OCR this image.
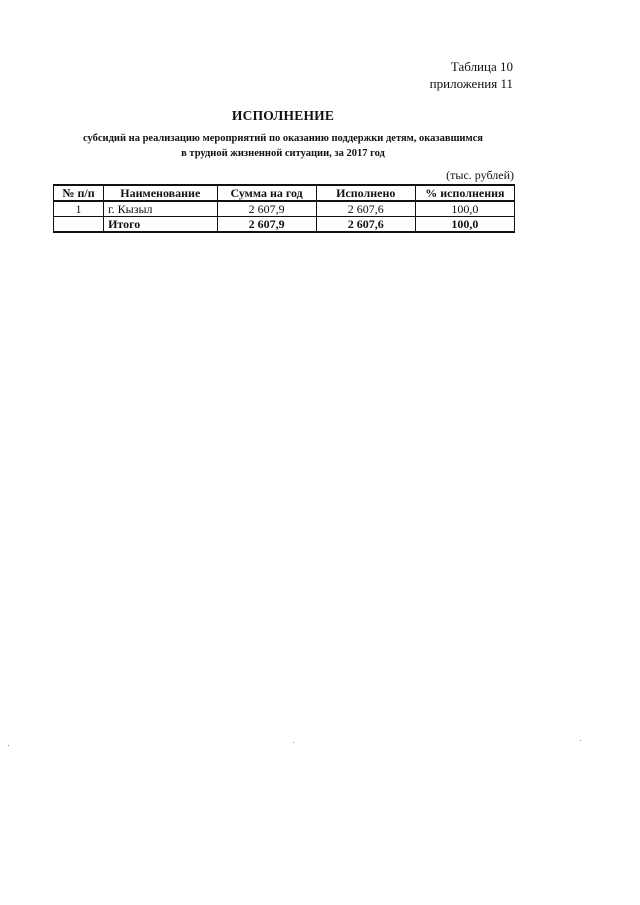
Таблица 10
приложения 11
ИСПОЛНЕНИЕ
субсидий на реализацию мероприятий по оказанию поддержки детям, оказавшимся
в трудной жизненной ситуации, за 2017 год
(тыс. рублей)
№ п/п	Наименование	Сумма на год	Исполнено	% исполнения
1	г. Кызыл	2 607,9	2 607,6	100,0
	Итого	2 607,9	2 607,6	100,0
